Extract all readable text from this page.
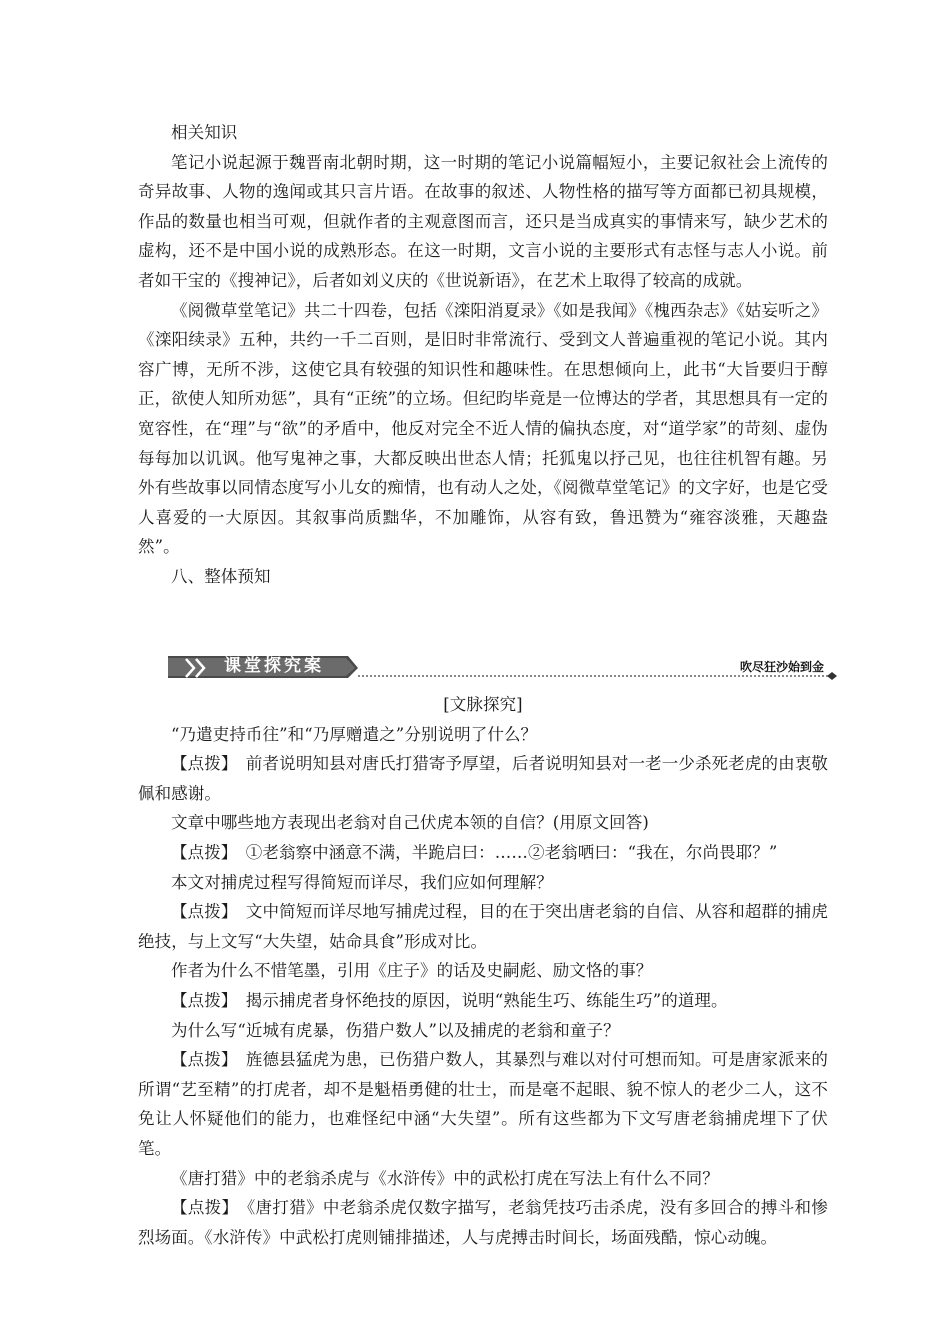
相关知识

笔记小说起源于魏晋南北朝时期，这一时期的笔记小说篇幅短小，主要记叙社会上流传的奇异故事、人物的逸闻或其只言片语。在故事的叙述、人物性格的描写等方面都已初具规模，作品的数量也相当可观，但就作者的主观意图而言，还只是当成真实的事情来写，缺少艺术的虚构，还不是中国小说的成熟形态。在这一时期，文言小说的主要形式有志怪与志人小说。前者如干宝的《搜神记》，后者如刘义庆的《世说新语》，在艺术上取得了较高的成就。

《阅微草堂笔记》共二十四卷，包括《滦阳消夏录》《如是我闻》《槐西杂志》《姑妄听之》《滦阳续录》五种，共约一千二百则，是旧时非常流行、受到文人普遍重视的笔记小说。其内容广博，无所不涉，这使它具有较强的知识性和趣味性。在思想倾向上，此书“大旨要归于醇正，欲使人知所劝惩”，具有“正统”的立场。但纪昀毕竟是一位博达的学者，其思想具有一定的宽容性，在“理”与“欲”的矛盾中，他反对完全不近人情的偏执态度，对“道学家”的苛刻、虚伪每每加以讥讽。他写鬼神之事，大都反映出世态人情；托狐鬼以抒己见，也往往机智有趣。另外有些故事以同情态度写小儿女的痴情，也有动人之处，《阅微草堂笔记》的文字好，也是它受人喜爱的一大原因。其叙事尚质黜华，不加雕饰，从容有致，鲁迅赞为“雍容淡雅，天趣盎然”。

八、整体预知

课堂探究案	吹尽狂沙始到金

[文脉探究]

“乃遣吏持币往”和“乃厚赠遣之”分别说明了什么？

【点拨】　 前者说明知县对唐氏打猎寄予厚望，后者说明知县对一老一少杀死老虎的由衷敬佩和感谢。

文章中哪些地方表现出老翁对自己伏虎本领的自信？(用原文回答)

【点拨】　 ①老翁察中涵意不满，半跪启曰：……②老翁哂曰：“我在，尔尚畏耶？”

本文对捕虎过程写得简短而详尽，我们应如何理解？

【点拨】　 文中简短而详尽地写捕虎过程，目的在于突出唐老翁的自信、从容和超群的捕虎绝技，与上文写“大失望，姑命具食”形成对比。

作者为什么不惜笔墨，引用《庄子》的话及史嗣彪、励文恪的事？

【点拨】　 揭示捕虎者身怀绝技的原因，说明“熟能生巧、练能生巧”的道理。

为什么写“近城有虎暴，伤猎户数人”以及捕虎的老翁和童子？

【点拨】　 旌德县猛虎为患，已伤猎户数人，其暴烈与难以对付可想而知。可是唐家派来的所谓“艺至精”的打虎者，却不是魁梧勇健的壮士，而是毫不起眼、貌不惊人的老少二人，这不免让人怀疑他们的能力，也难怪纪中涵“大失望”。所有这些都为下文写唐老翁捕虎埋下了伏笔。

《唐打猎》中的老翁杀虎与《水浒传》中的武松打虎在写法上有什么不同？

【点拨】　 《唐打猎》中老翁杀虎仅数字描写，老翁凭技巧击杀虎，没有多回合的搏斗和惨烈场面。《水浒传》中武松打虎则铺排描述，人与虎搏击时间长，场面残酷，惊心动魄。
